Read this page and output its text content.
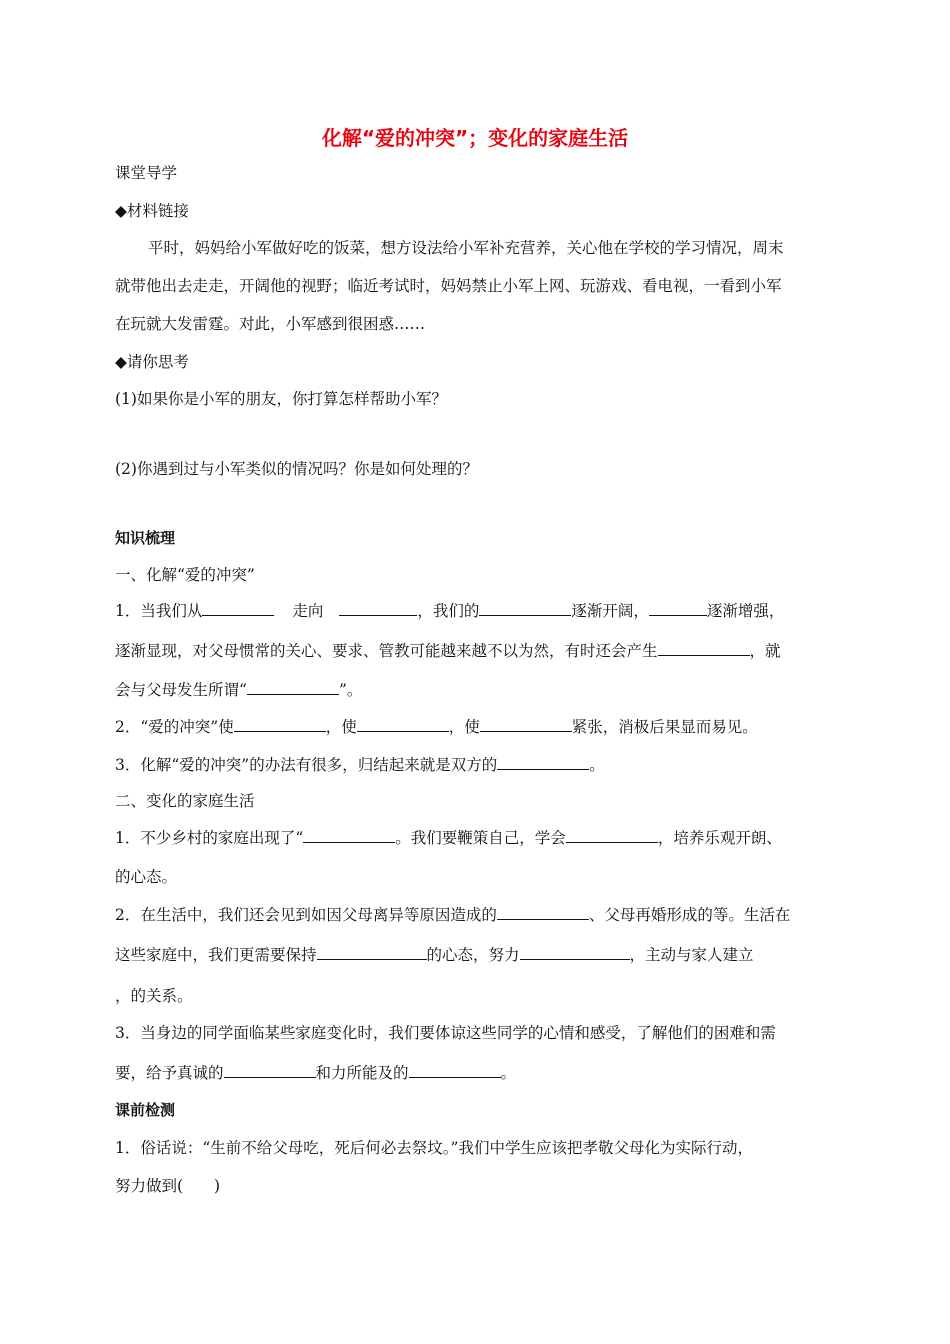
化解“爱的冲突”；变化的家庭生活
课堂导学
◆材料链接
平时，妈妈给小军做好吃的饭菜，想方设法给小军补充营养，关心他在学校的学习情况，周末
就带他出去走走，开阔他的视野；临近考试时，妈妈禁止小军上网、玩游戏、看电视，一看到小军
在玩就大发雷霆。对此，小军感到很困惑……
◆请你思考
(1)如果你是小军的朋友，你打算怎样帮助小军？
(2)你遇到过与小军类似的情况吗？你是如何处理的？
知识梳理
一、化解“爱的冲突”
1．当我们从	走向	，我们的	逐渐开阔，	逐渐增强，
逐渐显现，对父母惯常的关心、要求、管教可能越来越不以为然，有时还会产生	，就
会与父母发生所谓“	”。
2．“爱的冲突”使	，使	，使	紧张，消极后果显而易见。
3．化解“爱的冲突”的办法有很多，归结起来就是双方的	。
二、变化的家庭生活
1．不少乡村的家庭出现了“	。我们要鞭策自己，学会	，培养乐观开朗、
的心态。
2．在生活中，我们还会见到如因父母离异等原因造成的	、父母再婚形成的等。生活在
这些家庭中，我们更需要保持	的心态，努力	，主动与家人建立
，的关系。
3．当身边的同学面临某些家庭变化时，我们要体谅这些同学的心情和感受，了解他们的困难和需
要，给予真诚的	和力所能及的	。
课前检测
1．俗话说：“生前不给父母吃，死后何必去祭坟。”我们中学生应该把孝敬父母化为实际行动，
努力做到(　　)
